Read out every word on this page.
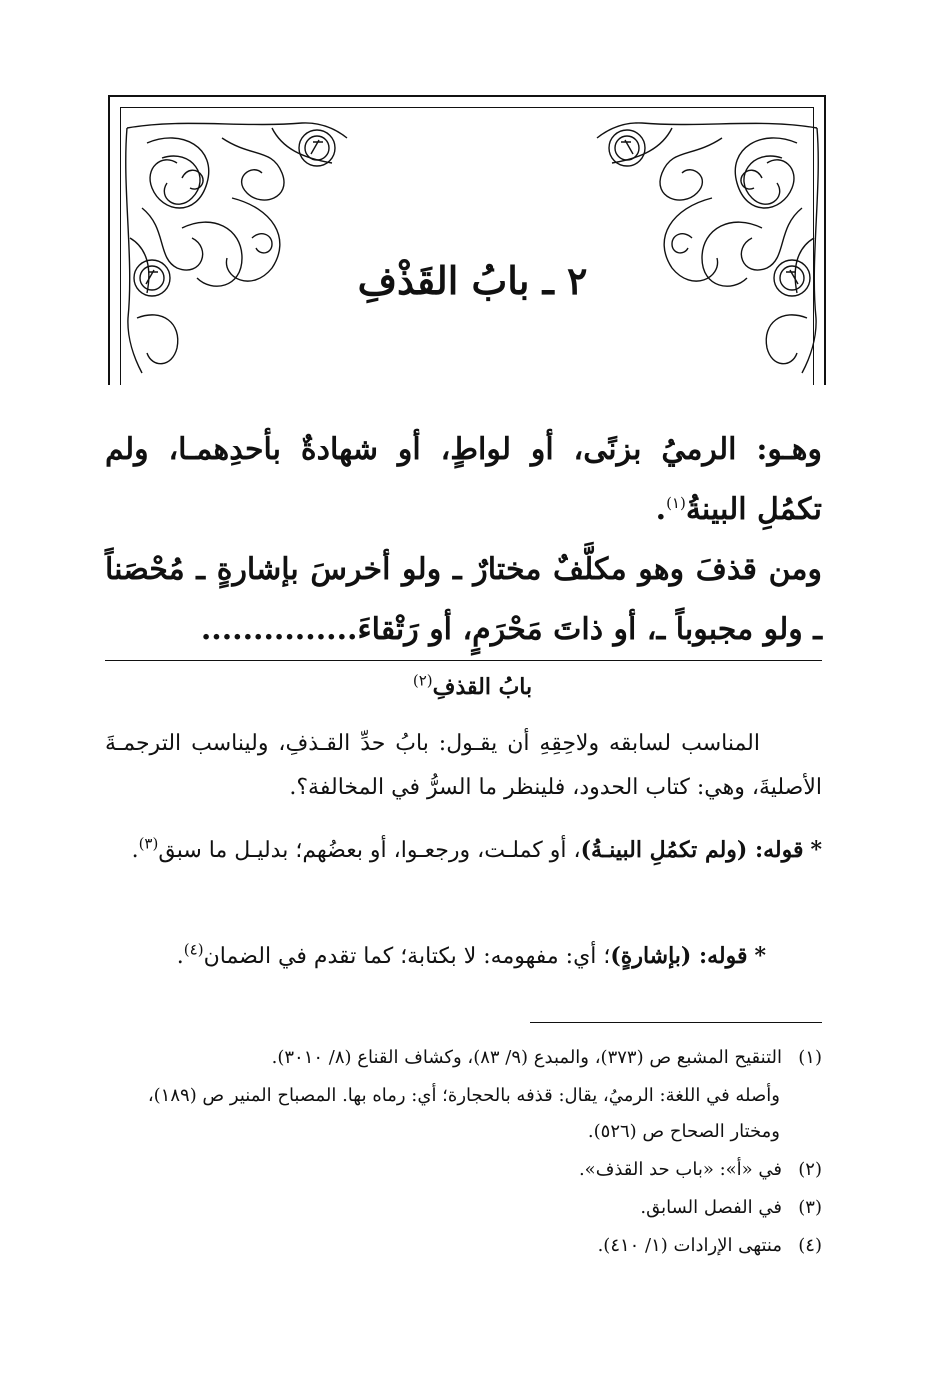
٢ ـ بابُ القَذْفِ
وهـو: الرميُ بزنًى، أو لواطٍ، أو شهادةٌ بأحدِهمـا، ولم تكمُلِ البينةُ$^{(١)}$.
ومن قذفَ وهو مكلَّفٌ مختارٌ ـ ولو أخرسَ بإشارةٍ ـ مُحْصَناً ـ ولو مجبوباً ـ، أو ذاتَ مَحْرَمٍ، أو رَتْقاءَ...............
بابُ القذفِ$^{(٢)}$
المناسب لسابقه ولاحِقِهِ أن يقـول: بابُ حدِّ القـذفِ، وليناسب الترجمـةَ الأصليةَ، وهي: كتاب الحدود، فلينظر ما السرُّ في المخالفة؟.
* قوله: (ولم تكمُلِ البينـةُ)، أو كملـت، ورجعـوا، أو بعضُهم؛ بدليـل ما سبق$^{(٣)}$.
* قوله: (بإشارةٍ)؛ أي: مفهومه: لا بكتابة؛ كما تقدم في الضمان$^{(٤)}$.
(١)التنقيح المشبع ص (٣٧٣)، والمبدع (٩/ ٨٣)، وكشاف القناع (٨/ ٣٠١٠).
وأصله في اللغة: الرميُ، يقال: قذفه بالحجارة؛ أي: رماه بها. المصباح المنير ص (١٨٩)، ومختار الصحاح ص (٥٢٦).
(٢)في «أ»: «باب حد القذف».
(٣)في الفصل السابق.
(٤)منتهى الإرادات (١/ ٤١٠).
